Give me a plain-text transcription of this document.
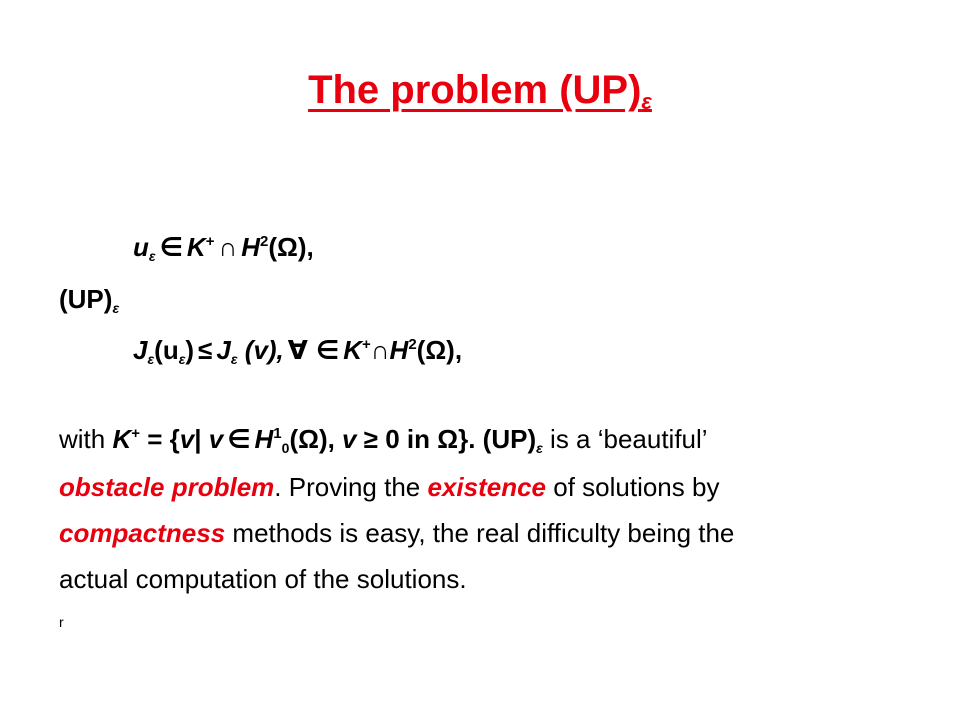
The problem $(UP)_\varepsilon$
uε ∈ K+ ∩ $H^2(\Omega)$,
(UP)ε
Jε(uε) ≤ Jε (v), ∀ ∈ $K^+\cap H^2(\Omega)$,
with K+ = {v| v ∈ $H^10(\Omega)$, v ≥ 0 in Ω}. (UP)ε is a ‘beautiful’
obstacle problem. Proving the existence of solutions by
compactness methods is easy, the real difficulty being the
actual computation of the solutions.
r
